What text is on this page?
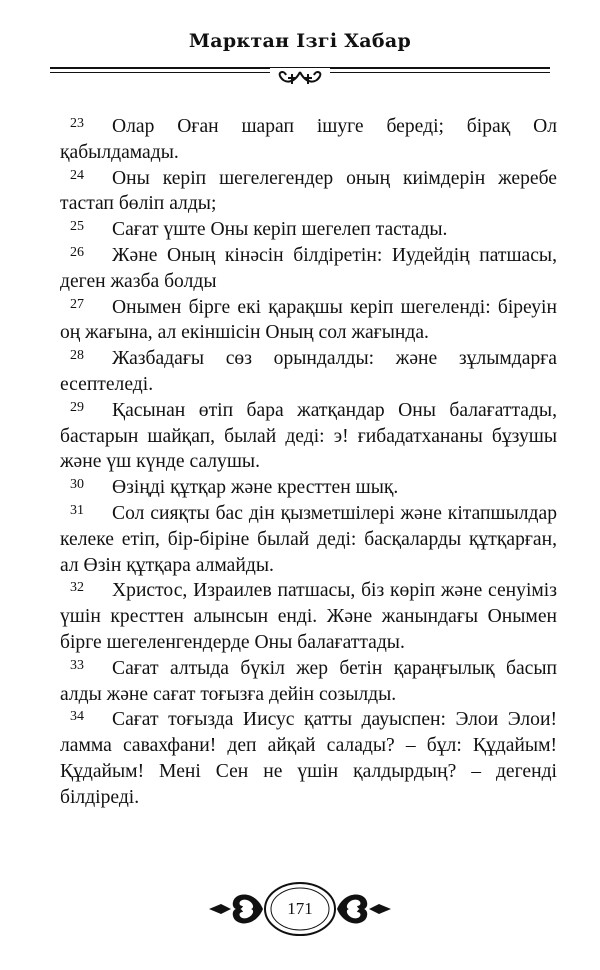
Марктан Ізгі Хабар

23 Олар Оған шарап ішуге береді; бірақ Ол қабылдамады.

24 Оны керіп шегелегендер оның киімдерін жеребе тастап бөліп алды;

25 Сағат үште Оны керіп шегелеп тастады.

26 Және Оның кінәсін білдіретін: Иудейдің патшасы, деген жазба болды

27 Онымен бірге екі қарақшы керіп шегеленді: біреуін оң жағына, ал екіншісін Оның сол жағында.

28 Жазбадағы сөз орындалды: және зұлымдарға есептеледі.

29 Қасынан өтіп бара жатқандар Оны балағаттады, бастарын шайқап, былай деді: э! ғибадатхананы бұзушы және үш күнде салушы.

30 Өзіңді құтқар және кресттен шық.

31 Сол сияқты бас дін қызметшілері және кітапшылдар келеке етіп, бір-біріне былай деді: басқаларды құтқарған, ал Өзін құтқара алмайды.

32 Христос, Израилев патшасы, біз көріп және сенуіміз үшін кресттен алынсын енді. Және жанындағы Онымен бірге шегеленгендерде Оны балағаттады.

33 Сағат алтыда бүкіл жер бетін қараңғылық басып алды және сағат тоғызға дейін созылды.

34 Сағат тоғызда Иисус қатты дауыспен: Элои Элои! ламма савахфани! деп айқай салады? – бұл: Құдайым! Құдайым! Мені Сен не үшін қалдырдың? – дегенді білдіреді.

171
